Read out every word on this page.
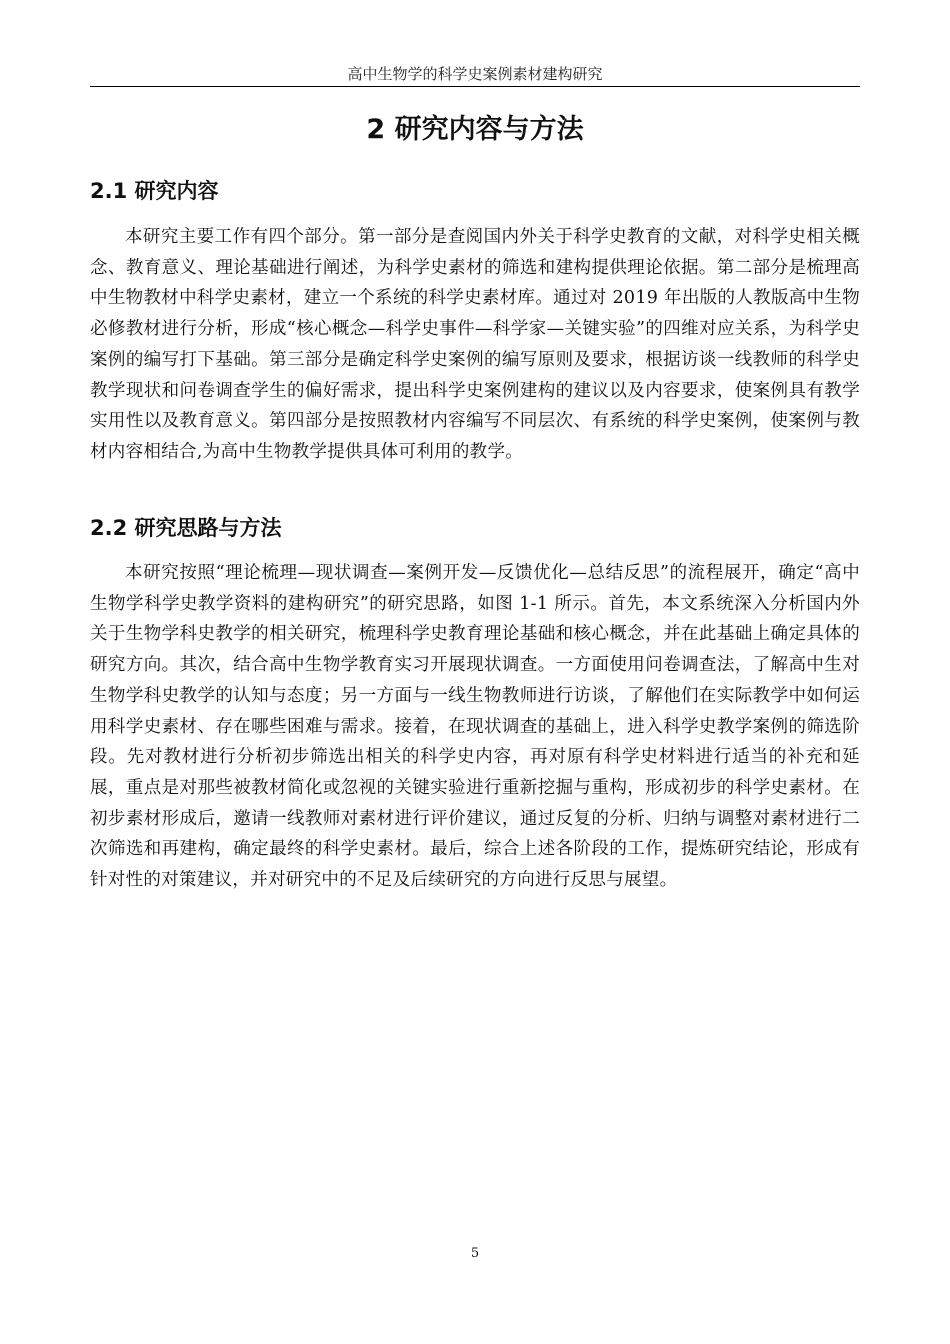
高中生物学的科学史案例素材建构研究
2 研究内容与方法
2.1 研究内容

本研究主要工作有四个部分。第一部分是查阅国内外关于科学史教育的文献，对科学史相关概念、教育意义、理论基础进行阐述，为科学史素材的筛选和建构提供理论依据。第二部分是梳理高中生物教材中科学史素材，建立一个系统的科学史素材库。通过对 2019 年出版的人教版高中生物必修教材进行分析，形成“核心概念—科学史事件—科学家—关键实验”的四维对应关系，为科学史案例的编写打下基础。第三部分是确定科学史案例的编写原则及要求，根据访谈一线教师的科学史教学现状和问卷调查学生的偏好需求，提出科学史案例建构的建议以及内容要求，使案例具有教学实用性以及教育意义。第四部分是按照教材内容编写不同层次、有系统的科学史案例，使案例与教材内容相结合,为高中生物教学提供具体可利用的教学。

2.2 研究思路与方法

本研究按照“理论梳理—现状调查—案例开发—反馈优化—总结反思”的流程展开，确定“高中生物学科学史教学资料的建构研究”的研究思路，如图 1-1 所示。首先，本文系统深入分析国内外关于生物学科史教学的相关研究，梳理科学史教育理论基础和核心概念，并在此基础上确定具体的研究方向。其次，结合高中生物学教育实习开展现状调查。一方面使用问卷调查法，了解高中生对生物学科史教学的认知与态度；另一方面与一线生物教师进行访谈，了解他们在实际教学中如何运用科学史素材、存在哪些困难与需求。接着，在现状调查的基础上，进入科学史教学案例的筛选阶段。先对教材进行分析初步筛选出相关的科学史内容，再对原有科学史材料进行适当的补充和延展，重点是对那些被教材简化或忽视的关键实验进行重新挖掘与重构，形成初步的科学史素材。在初步素材形成后，邀请一线教师对素材进行评价建议，通过反复的分析、归纳与调整对素材进行二次筛选和再建构，确定最终的科学史素材。最后，综合上述各阶段的工作，提炼研究结论，形成有针对性的对策建议，并对研究中的不足及后续研究的方向进行反思与展望。

5
